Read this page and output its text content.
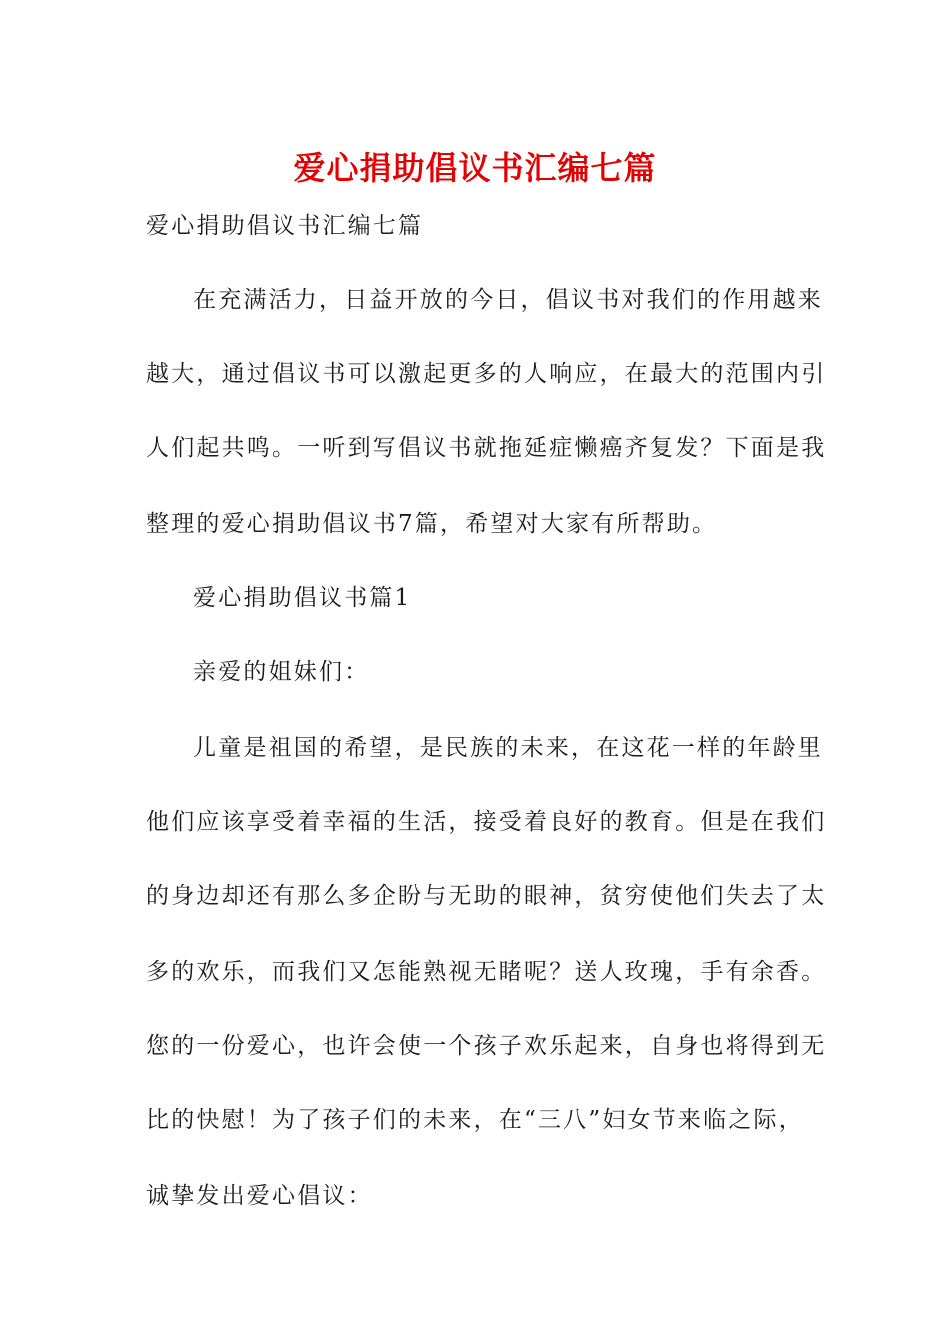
爱心捐助倡议书汇编七篇
爱心捐助倡议书汇编七篇
在充满活力，日益开放的今日，倡议书对我们的作用越来
越大，通过倡议书可以激起更多的人响应，在最大的范围内引
人们起共鸣。一听到写倡议书就拖延症懒癌齐复发？下面是我
整理的爱心捐助倡议书7篇，希望对大家有所帮助。
爱心捐助倡议书篇1
亲爱的姐妹们：
儿童是祖国的希望，是民族的未来，在这花一样的年龄里
他们应该享受着幸福的生活，接受着良好的教育。但是在我们
的身边却还有那么多企盼与无助的眼神，贫穷使他们失去了太
多的欢乐，而我们又怎能熟视无睹呢？送人玫瑰，手有余香。
您的一份爱心，也许会使一个孩子欢乐起来，自身也将得到无
比的快慰！为了孩子们的未来，在“三八”妇女节来临之际，
诚挚发出爱心倡议：
